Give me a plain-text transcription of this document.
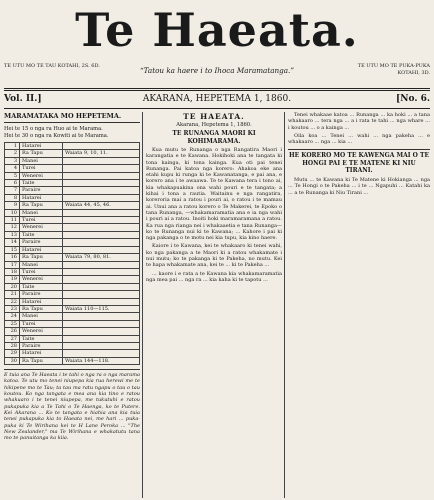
Te Haeata.
TE UTU MO TE TAU KOTAHI, 2S. 6D.	“Tatou ka haere i to Ihoca Maramatanga.”	TE UTU MO TE PUKA-PUKA KOTAHI, 3D.
AKARANA, HEPETEMA 1, 1860.
Vol. II.]	[No. 6.
MARAMATAKA MO HEPETEMA.
Hei te 15 o nga ra Huo ai te Marama.
Hei te 30 o nga ra Kowiti ai te Marama.
1	Hatarei	
2	Ra Tapu	Waiata 9, 10, 11.
3	Manei	
4	Turei	
5	Wenerei	
6	Taite	
7	Paraire	
8	Hatarei	
9	Ra Tapu	Waiata 44, 45, 46.
10	Manei	
11	Turei	
12	Wenerei	
13	Taite	
14	Paraire	
15	Hatarei	
16	Ra Tapu	Waiata 79, 80, 81.
17	Manei	
18	Turei	
19	Wenerei	
20	Taite	
21	Paraire	
22	Hatarei	
23	Ra Tapu	Waiata 110—115.
24	Manei	
25	Turei	
26	Wenerei	
27	Taite	
28	Paraire	
29	Hatarei	
30	Ra Tapu	Waiata 144—118.
E tuia ana Te Haeata i te tahi o nga ra o nga marama katoa. Te utu mo tenei niupepa kia rua herewi me te hikipene mo te Tau; ta tau ma ratu ngapu o tau o tau koutou. Ko nga tangata e mea ana kia tino e ratou whakuaro i te tenei niupepa, me tukutuhi e ratou pukapuka kia a Te Tahi o Te Haenga, ko te Putere. Kei Akarana ... Ko te tangata e hiahia ana kia tuia tenei pukapuka kia to Haeata nei, me hari ... puka-puka ki Te Wirihana kei te H Lane Peroka ... "The New Zealander," ma Te Wirihana e whakatutu tana mo te panuitanga ka kiia.
TE HAEATA.
Akarana, Hepetema 1, 1860.
TE RUNANGA MAORI KI KOHIMARAMA.

Kua mutu te Runanga o nga Rangatira Maori i karangatia e te Kawana. Hokihoki ana te tangata ki tona kainga, ki tona kainga. Kua oti pai tenei Runanga. Pai katoa nga korero: Ahakoa eke ana etahi kupu ki runga ki te Kawanatanga, e pai ana, e korero ana i te awaawa. Te te Kawana tera i tono ai, kia whakapuakina ona wahi pouri e te tangata; a kihai i tona a rautia. Waitainu e nga rangatira, koreroria mai a ratou i pouri ai, o ratou i te mamau ai. Unui ana a ratou korero o Te Makerei, te Epoko o tana Runanga, —whakamaramatia ana e ia nga wahi i pouri ai a ratou. Inoiti hoki maramaramana a ratou. Ka rua nga rianga nei i whakaaetia e tana Runanga—ko te Runanga nui ki te Kawana; ... Kahore i pai ki nga pakanga o te motu nei kia tupu, kia kino haere.

Kaiore i te Kawana, kei te whakaaro ki tenei wahi, ko nga pakanga a te Maori ki a ratou whakamate i nui mutu; ko te pakanga ki te Pakeha, no mutu. Kei te hapa whakamate ana, kei te ... ki te Pakeha ...

... kaore i e rata a te Kawana kia whakamaramatia nga mea pai ... nga ra ... kia kaha ki te tapotu ...

Tenei whakaae katoa ... Runanga ... ka hoki ... a tana whakaaro ... tera nga ... a i rata te tahi ... nga whare ... i koutou ... o a kainga ...

Oila koa ... Tenei ... wahi ... nga pakeha ... e whakaaro ... nga ... kia ...

HE KORERO MO TE KAWENGA MAI O TE HONGI PAI E TE MATENE KI NIU TIRANI.

Mutu ... te Kawana ki Te Matene ki Hokianga ... nga ... Te Hongi o te Pakeha ... i te ... Ngapuhi ... Katahi ka ... a te Runanga ki Niu Tirani ...
